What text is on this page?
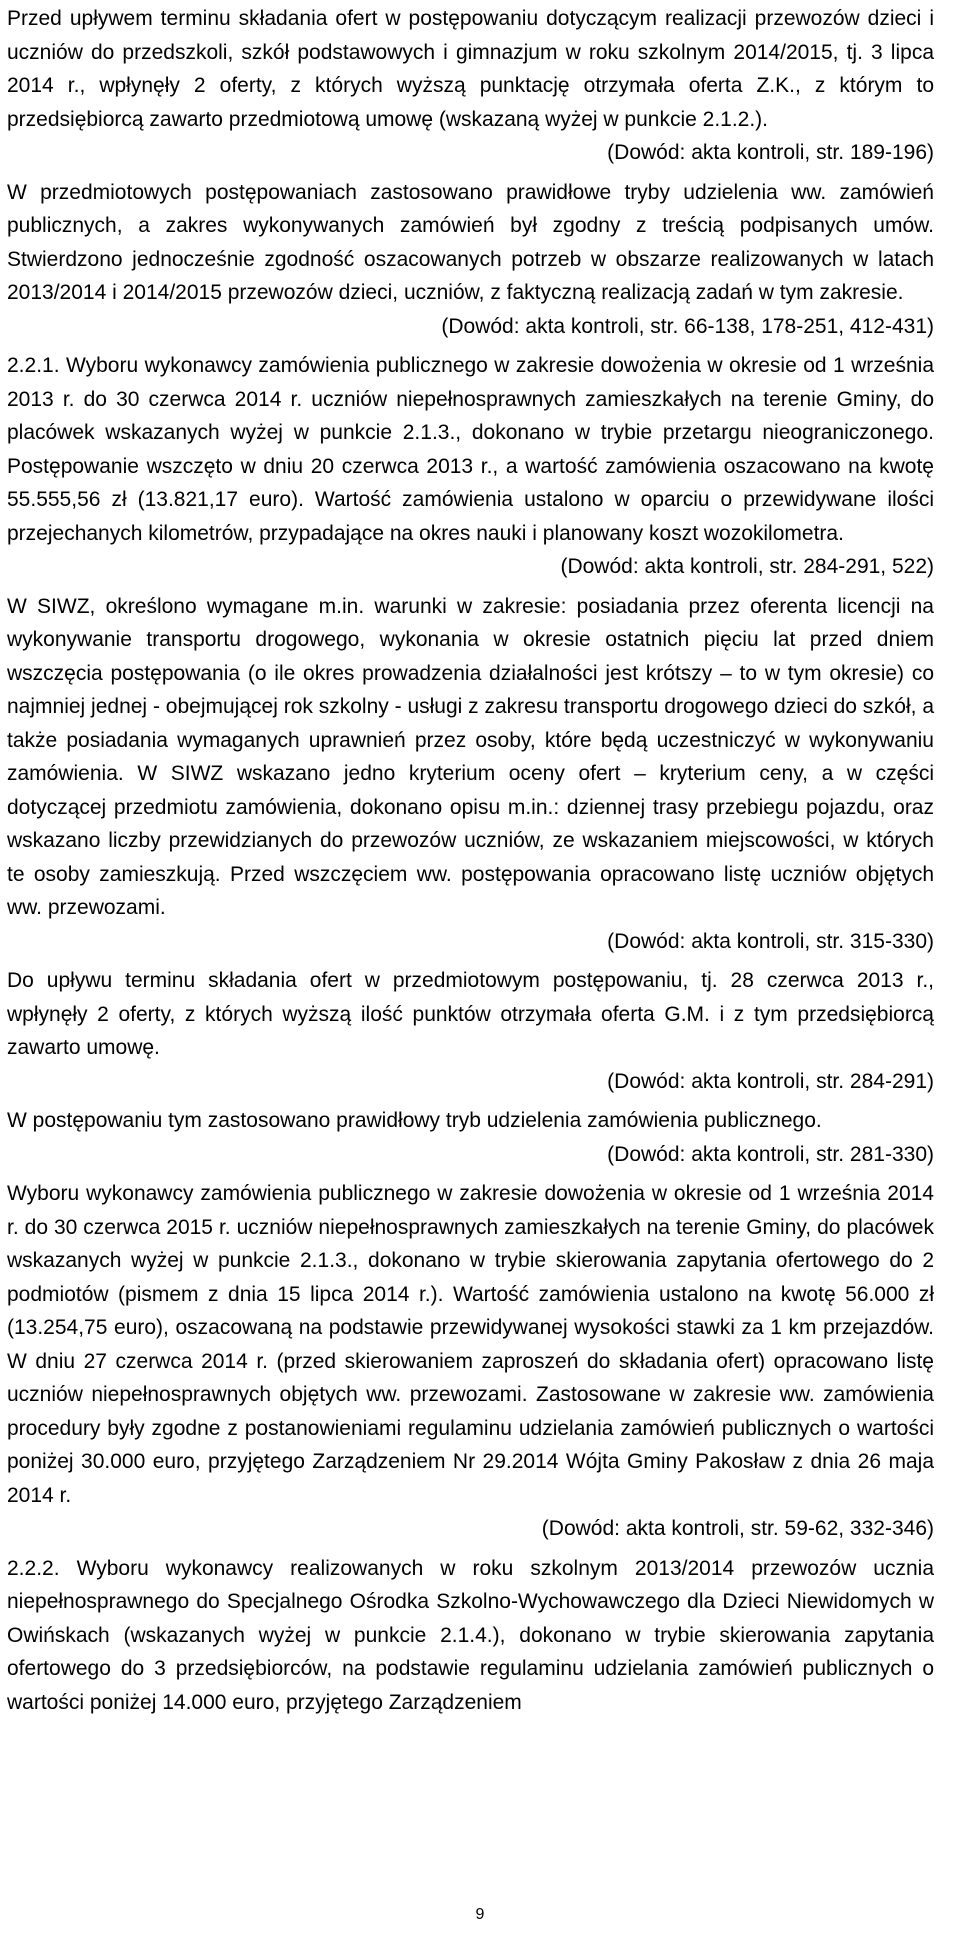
Przed upływem terminu składania ofert w postępowaniu dotyczącym realizacji przewozów dzieci i uczniów do przedszkoli, szkół podstawowych i gimnazjum w roku szkolnym 2014/2015, tj. 3 lipca 2014 r., wpłynęły 2 oferty, z których wyższą punktację otrzymała oferta Z.K., z którym to przedsiębiorcą zawarto przedmiotową umowę (wskazaną wyżej w punkcie 2.1.2.).

(Dowód: akta kontroli, str. 189-196)

W przedmiotowych postępowaniach zastosowano prawidłowe tryby udzielenia ww. zamówień publicznych, a zakres wykonywanych zamówień był zgodny z treścią podpisanych umów. Stwierdzono jednocześnie zgodność oszacowanych potrzeb w obszarze realizowanych w latach 2013/2014 i 2014/2015 przewozów dzieci, uczniów, z faktyczną realizacją zadań w tym zakresie.

(Dowód: akta kontroli, str. 66-138, 178-251, 412-431)

2.2.1. Wyboru wykonawcy zamówienia publicznego w zakresie dowożenia w okresie od 1 września 2013 r. do 30 czerwca 2014 r. uczniów niepełnosprawnych zamieszkałych na terenie Gminy, do placówek wskazanych wyżej w punkcie 2.1.3., dokonano w trybie przetargu nieograniczonego. Postępowanie wszczęto w dniu 20 czerwca 2013 r., a wartość zamówienia oszacowano na kwotę 55.555,56 zł (13.821,17 euro). Wartość zamówienia ustalono w oparciu o przewidywane ilości przejechanych kilometrów, przypadające na okres nauki i planowany koszt wozokilometra.

(Dowód: akta kontroli, str. 284-291, 522)

W SIWZ, określono wymagane m.in. warunki w zakresie: posiadania przez oferenta licencji na wykonywanie transportu drogowego, wykonania w okresie ostatnich pięciu lat przed dniem wszczęcia postępowania (o ile okres prowadzenia działalności jest krótszy – to w tym okresie) co najmniej jednej - obejmującej rok szkolny - usługi z zakresu transportu drogowego dzieci do szkół, a także posiadania wymaganych uprawnień przez osoby, które będą uczestniczyć w wykonywaniu zamówienia. W SIWZ wskazano jedno kryterium oceny ofert – kryterium ceny, a w części dotyczącej przedmiotu zamówienia, dokonano opisu m.in.: dziennej trasy przebiegu pojazdu, oraz wskazano liczby przewidzianych do przewozów uczniów, ze wskazaniem miejscowości, w których te osoby zamieszkują. Przed wszczęciem ww. postępowania opracowano listę uczniów objętych ww. przewozami.

(Dowód: akta kontroli, str. 315-330)

Do upływu terminu składania ofert w przedmiotowym postępowaniu, tj. 28 czerwca 2013 r., wpłynęły 2 oferty, z których wyższą ilość punktów otrzymała oferta G.M. i z tym przedsiębiorcą zawarto umowę.

(Dowód: akta kontroli, str. 284-291)

W postępowaniu tym zastosowano prawidłowy tryb udzielenia zamówienia publicznego.

(Dowód: akta kontroli, str. 281-330)

Wyboru wykonawcy zamówienia publicznego w zakresie dowożenia w okresie od 1 września 2014 r. do 30 czerwca 2015 r. uczniów niepełnosprawnych zamieszkałych na terenie Gminy, do placówek wskazanych wyżej w punkcie 2.1.3., dokonano w trybie skierowania zapytania ofertowego do 2 podmiotów (pismem z dnia 15 lipca 2014 r.). Wartość zamówienia ustalono na kwotę 56.000 zł (13.254,75 euro), oszacowaną na podstawie przewidywanej wysokości stawki za 1 km przejazdów. W dniu 27 czerwca 2014 r. (przed skierowaniem zaproszeń do składania ofert) opracowano listę uczniów niepełnosprawnych objętych ww. przewozami. Zastosowane w zakresie ww. zamówienia procedury były zgodne z postanowieniami regulaminu udzielania zamówień publicznych o wartości poniżej 30.000 euro, przyjętego Zarządzeniem Nr 29.2014 Wójta Gminy Pakosław z dnia 26 maja 2014 r.

(Dowód: akta kontroli, str. 59-62, 332-346)

2.2.2. Wyboru wykonawcy realizowanych w roku szkolnym 2013/2014 przewozów ucznia niepełnosprawnego do Specjalnego Ośrodka Szkolno-Wychowawczego dla Dzieci Niewidomych w Owińskach (wskazanych wyżej w punkcie 2.1.4.), dokonano w trybie skierowania zapytania ofertowego do 3 przedsiębiorców, na podstawie regulaminu udzielania zamówień publicznych o wartości poniżej 14.000 euro, przyjętego Zarządzeniem

9
